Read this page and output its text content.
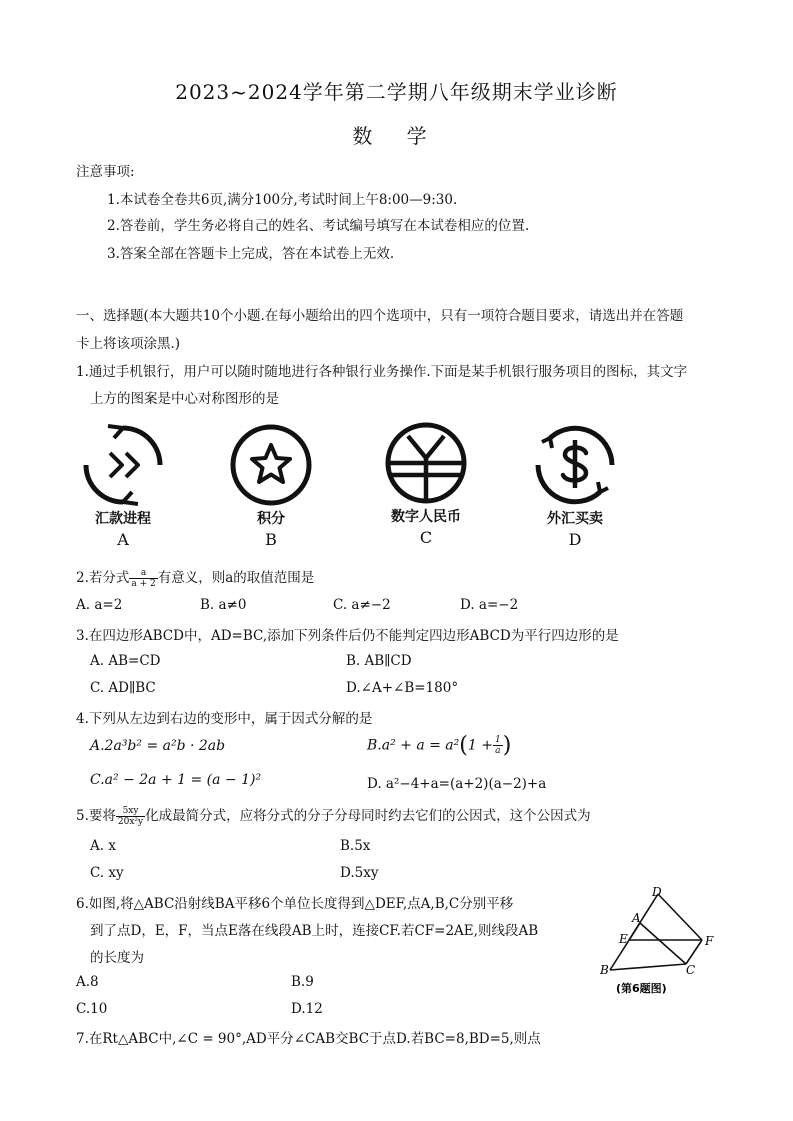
2023~2024学年第二学期八年级期末学业诊断
数 学
注意事项:
1.本试卷全卷共6页,满分100分,考试时间上午8:00—9:30.
2.答卷前，学生务必将自己的姓名、考试编号填写在本试卷相应的位置.
3.答案全部在答题卡上完成，答在本试卷上无效.
一、选择题(本大题共10个小题.在每小题给出的四个选项中，只有一项符合题目要求，请选出并在答题
卡上将该项涂黑.)
1.通过手机银行，用户可以随时随地进行各种银行业务操作.下面是某手机银行服务项目的图标，其文字
上方的图案是中心对称图形的是
汇款进程
A
积分
B
数字人民币
C
外汇买卖
D
2.若分式 $\frac{a}{a + 2}$ 有意义，则a的取值范围是
A. a=2	B. a≠0	C. a≠−2	D. a=−2
3.在四边形ABCD中，AD=BC,添加下列条件后仍不能判定四边形ABCD为平行四边形的是
A. AB=CD	B. AB∥CD
C. AD∥BC	D.∠A+∠B=180°
4.下列从左边到右边的变形中，属于因式分解的是
A.2a³b² = a²b · 2ab	$B.a^2 + a = a^2(1 + \frac{1}{a}$ )
C.a² − 2a + 1 = (a − 1)²	D. a²−4+a=(a+2)(a−2)+a
5.要将 $\frac{5xy}{\text{20x²y}}$ 化成最简分式，应将分式的分子分母同时约去它们的公因式，这个公因式为
A. x	B.5x
C. xy	D.5xy
6.如图,将△ABC沿射线BA平移6个单位长度得到△DEF,点A,B,C分别平移
到了点D，E，F，当点E落在线段AB上时，连接CF.若CF=2AE,则线段AB
的长度为
A.8	B.9
C.10	D.12
D
A
E	F
B	C
(第6题图)
7.在Rt△ABC中,∠C = 90°,AD平分∠CAB交BC于点D.若BC=8,BD=5,则点
